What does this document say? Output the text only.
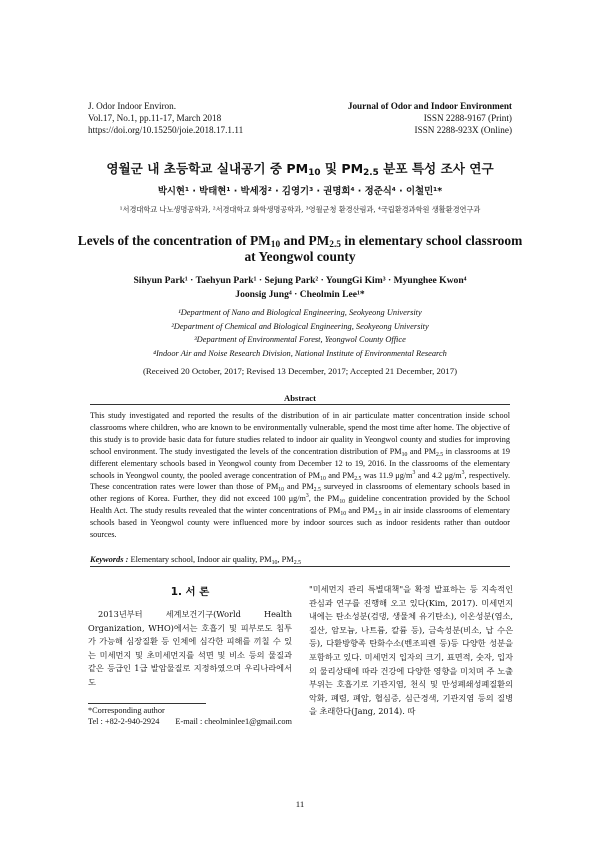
J. Odor Indoor Environ.
Vol.17, No.1, pp.11-17, March 2018
https://doi.org/10.15250/joie.2018.17.1.11
Journal of Odor and Indoor Environment
ISSN 2288-9167 (Print)
ISSN 2288-923X (Online)
영월군 내 초등학교 실내공기 중 $PM_{10}$ 및 $PM_{2.5}$ 분포 특성 조사 연구
박시현¹ · 박태현¹ · 박세정² · 김영기³ · 권명희⁴ · 정준식⁴ · 이철민¹*
¹서경대학교 나노생명공학과, ²서경대학교 화학생명공학과, ³영월군청 환경산림과, ⁴국립환경과학원 생활환경연구과
Levels of the concentration of $PM_{10}$ and $PM_{2.5}$ in elementary school classroom
at Yeongwol county
Sihyun Park¹ · Taehyun Park¹ · Sejung Park² · YoungGi Kim³ · Myunghee Kwon⁴
Joonsig Jung⁴ · Cheolmin Lee¹*
¹Department of Nano and Biological Engineering, Seokyeong University
²Department of Chemical and Biological Engineering, Seokyeong University
³Department of Environmental Forest, Yeongwol County Office
⁴Indoor Air and Noise Research Division, National Institute of Environmental Research
(Received 20 October, 2017; Revised 13 December, 2017; Accepted 21 December, 2017)
Abstract
This study investigated and reported the results of the distribution of in air particulate matter concentration inside school classrooms where children, who are known to be environmentally vulnerable, spend the most time after home. The objective of this study is to provide basic data for future studies related to indoor air quality in Yeongwol county and studies for improving school environment. The study investigated the levels of the concentration distribution of $PM_{10}$ and $PM_{2.5}$ in classrooms at 19 different elementary schools based in Yeongwol county from December 12 to 19, 2016. In the classrooms of the elementary schools in Yeongwol county, the pooled average concentration of $PM_{10}$ and $PM_{2.5}$ was 11.9 $\mu g/m^3$ and 4.2 $\mu g/m^3$, respectively. These concentration rates were lower than those of $PM_{10}$ and $PM_{2.5}$ surveyed in classrooms of elementary schools based in other regions of Korea. Further, they did not exceed 100 $\mu g/m^3$, the $PM_{10}$ guideline concentration provided by the School Health Act. The study results revealed that the winter concentrations of $PM_{10}$ and $PM_{2.5}$ in air inside classrooms of elementary schools based in Yeongwol county were influenced more by indoor sources such as indoor residents rather than outdoor sources.
Keywords : Elementary school, Indoor air quality, $PM_{10}$, $PM_{2.5}$
1. 서 론
2013년부터 세계보건기구(World Health Organization, WHO)에서는 호흡기 및 피부로도 침투가 가능해 심장질환 등 인체에 심각한 피해를 끼칠 수 있는 미세먼지 및 초미세먼지를 석면 및 비소 등의 물질과 같은 등급인 1급 발암물질로 지정하였으며 우리나라에서도
"미세먼지 관리 특별대책"을 확정 발표하는 등 지속적인 관심과 연구를 진행해 오고 있다(Kim, 2017). 미세먼지 내에는 탄소성분(검댕, 생물체 유기탄소), 이온성분(염소, 질산, 암모늄, 나트륨, 칼륨 등), 금속성분(비소, 납 수은 등), 다환방향족 탄화수소(벤조피렌 등)등 다양한 성분을 포함하고 있다. 미세먼지 입자의 크기, 표면적, 숫자, 입자의 물리상태에 따라 건강에 다양한 영향을 미치며 주 노출부위는 호흡기로 기관지염, 천식 및 만성폐쇄성폐질환의 악화, 폐렴, 폐암, 협심증, 심근경색, 기관지염 등의 질병을 초래한다(Jang, 2014). 따
*Corresponding author
Tel : +82-2-940-2924 E-mail : cheolminlee1@gmail.com
11
